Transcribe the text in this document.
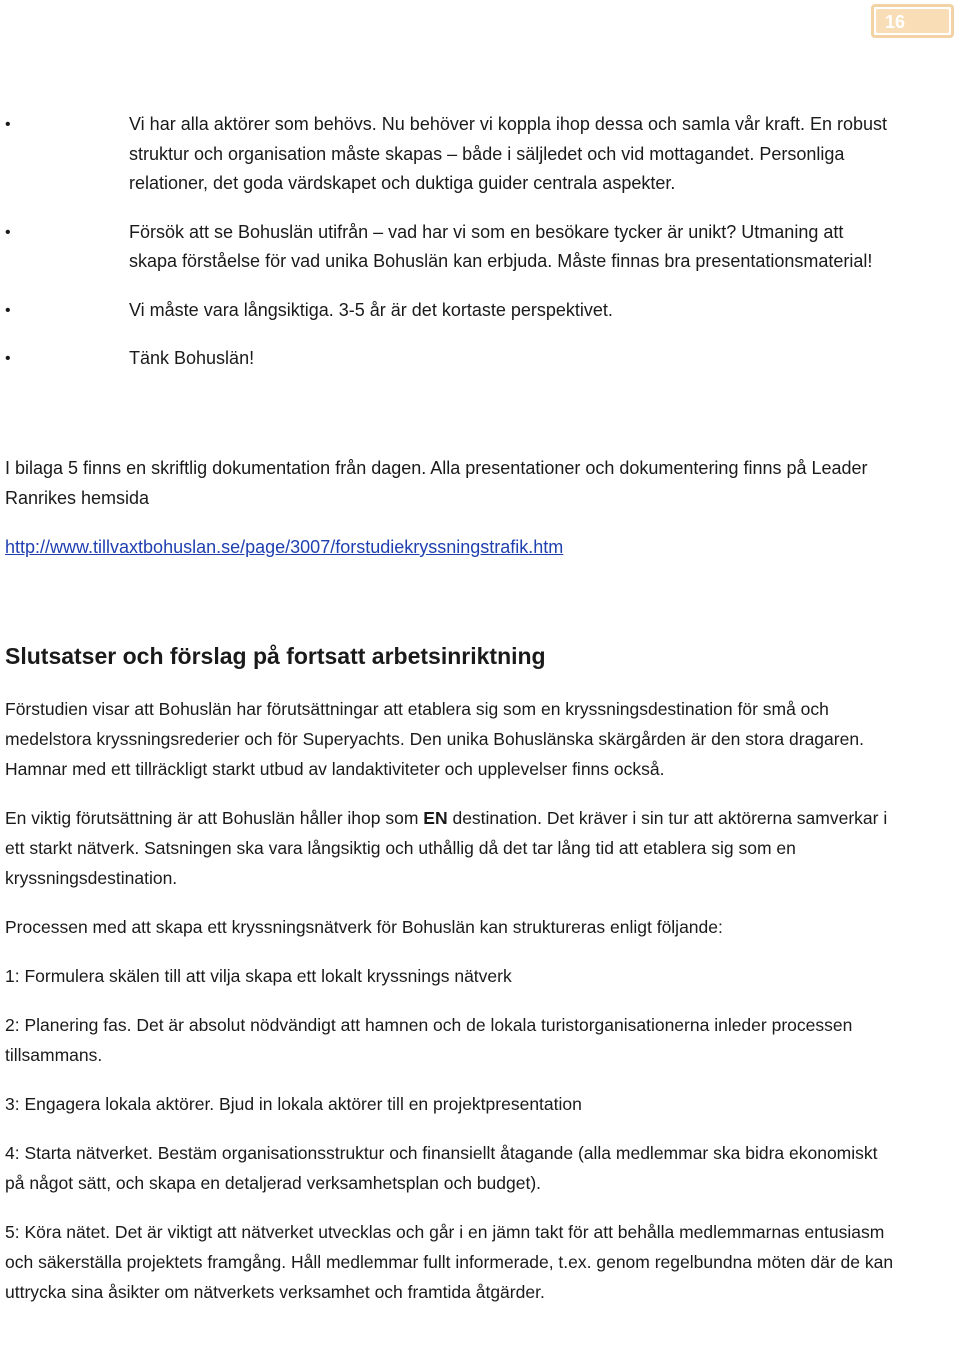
16
•	Vi har alla aktörer som behövs. Nu behöver vi koppla ihop dessa och samla vår kraft. En robust struktur och organisation måste skapas – både i säljledet och vid mottagandet. Personliga relationer, det goda värdskapet och duktiga guider centrala aspekter.
•	Försök att se Bohuslän utifrån – vad har vi som en besökare tycker är unikt? Utmaning att skapa förståelse för vad unika Bohuslän kan erbjuda. Måste finnas bra presentationsmaterial!
•	Vi måste vara långsiktiga. 3-5 år är det kortaste perspektivet.
•	Tänk Bohuslän!
I bilaga 5 finns en skriftlig dokumentation från dagen. Alla presentationer och dokumentering finns på Leader Ranrikes hemsida
http://www.tillvaxtbohuslan.se/page/3007/forstudiekryssningstrafik.htm
Slutsatser och förslag på fortsatt arbetsinriktning

Förstudien visar att Bohuslän har förutsättningar att etablera sig som en kryssningsdestination för små och medelstora kryssningsrederier och för Superyachts. Den unika Bohuslänska skärgården är den stora dragaren. Hamnar med ett tillräckligt starkt utbud av landaktiviteter och upplevelser finns också.

En viktig förutsättning är att Bohuslän håller ihop som EN destination. Det kräver i sin tur att aktörerna samverkar i ett starkt nätverk. Satsningen ska vara långsiktig och uthållig då det tar lång tid att etablera sig som en kryssningsdestination.

Processen med att skapa ett kryssningsnätverk för Bohuslän kan struktureras enligt följande:

1: Formulera skälen till att vilja skapa ett lokalt kryssnings nätverk

2: Planering fas. Det är absolut nödvändigt att hamnen och de lokala turistorganisationerna inleder processen tillsammans.

3: Engagera lokala aktörer. Bjud in lokala aktörer till en projektpresentation

4: Starta nätverket. Bestäm organisationsstruktur och finansiellt åtagande (alla medlemmar ska bidra ekonomiskt på något sätt, och skapa en detaljerad verksamhetsplan och budget).

5: Köra nätet. Det är viktigt att nätverket utvecklas och går i en jämn takt för att behålla medlemmarnas entusiasm och säkerställa projektets framgång. Håll medlemmar fullt informerade, t.ex. genom regelbundna möten där de kan uttrycka sina åsikter om nätverkets verksamhet och framtida åtgärder.
